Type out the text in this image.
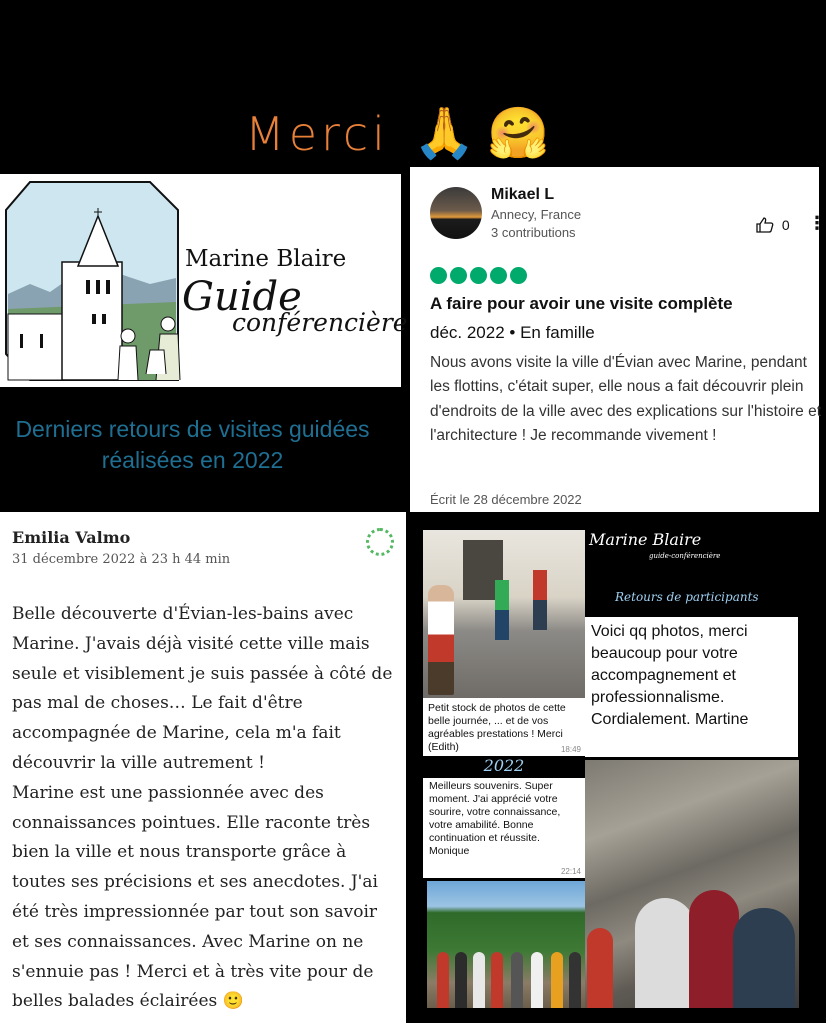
Merci 🙏 🤗
Marine Blaire
Guide
conférencière
Derniers retours de visites guidées
réalisées en 2022
Mikael L
Annecy, France
3 contributions	0 ⋮
A faire pour avoir une visite complète
déc. 2022 • En famille
Nous avons visite la ville d'Évian avec Marine, pendant les flottins, c'était super, elle nous a fait découvrir plein d'endroits de la ville avec des explications sur l'histoire et l'architecture ! Je recommande vivement !
Écrit le 28 décembre 2022
Emilia Valmo
31 décembre 2022 à 23 h 44 min
Belle découverte d'Évian-les-bains avec Marine. J'avais déjà visité cette ville mais seule et visiblement je suis passée à côté de pas mal de choses… Le fait d'être accompagnée de Marine, cela m'a fait découvrir la ville autrement !
Marine est une passionnée avec des connaissances pointues. Elle raconte très bien la ville et nous transporte grâce à toutes ses précisions et ses anecdotes. J'ai été très impressionnée par tout son savoir et ses connaissances. Avec Marine on ne s'ennuie pas ! Merci et à très vite pour de belles balades éclairées 🙂
Petit stock de photos de cette belle journée, ... et de vos agréables prestations ! Merci (Edith)	18:49
Marine Blaire
guide-conférencière
Retours de participants
Voici qq photos, merci beaucoup pour votre accompagnement et professionnalisme. Cordialement. Martine
2022
Meilleurs souvenirs. Super moment. J'ai apprécié votre sourire, votre connaissance, votre amabilité. Bonne continuation et réussite. Monique
22:14
